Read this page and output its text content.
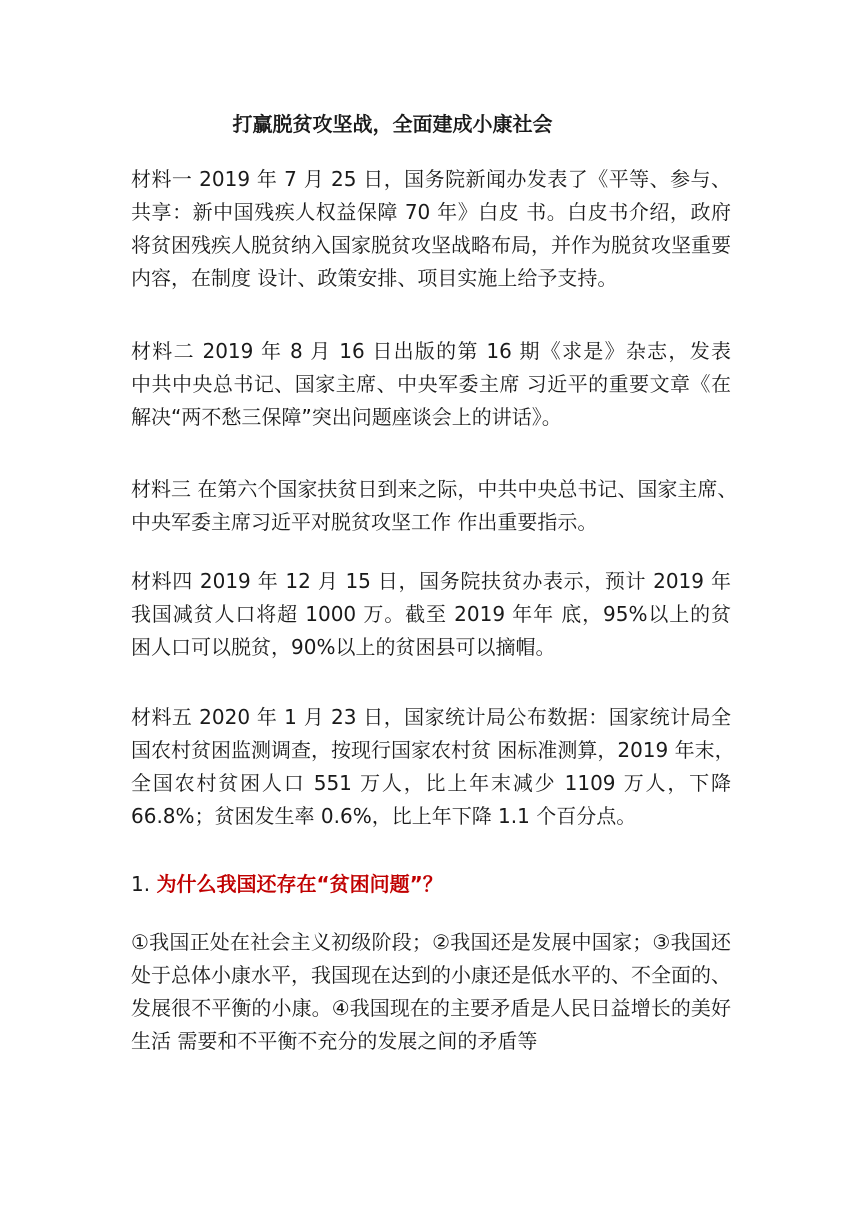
打赢脱贫攻坚战，全面建成小康社会
材料一 2019 年 7 月 25 日，国务院新闻办发表了《平等、参与、
共享：新中国残疾人权益保障 70 年》白皮 书。白皮书介绍，政府
将贫困残疾人脱贫纳入国家脱贫攻坚战略布局，并作为脱贫攻坚重要
内容，在制度 设计、政策安排、项目实施上给予支持。
材料二 2019 年 8 月 16 日出版的第 16 期《求是》杂志，发表
中共中央总书记、国家主席、中央军委主席 习近平的重要文章《在
解决“两不愁三保障”突出问题座谈会上的讲话》。
材料三 在第六个国家扶贫日到来之际，中共中央总书记、国家主席、
中央军委主席习近平对脱贫攻坚工作 作出重要指示。
材料四 2019 年 12 月 15 日，国务院扶贫办表示，预计 2019 年
我国减贫人口将超 1000 万。截至 2019 年年 底，95%以上的贫
困人口可以脱贫，90%以上的贫困县可以摘帽。
材料五 2020 年 1 月 23 日，国家统计局公布数据：国家统计局全
国农村贫困监测调查，按现行国家农村贫 困标准测算，2019 年末，
全国农村贫困人口 551 万人，比上年末减少 1109 万人，下降
66.8%；贫困发生率 0.6%，比上年下降 1.1 个百分点。
1. 为什么我国还存在“贫困问题”？
①我国正处在社会主义初级阶段；②我国还是发展中国家；③我国还
处于总体小康水平，我国现在达到的小康还是低水平的、不全面的、
发展很不平衡的小康。④我国现在的主要矛盾是人民日益增长的美好
生活 需要和不平衡不充分的发展之间的矛盾等
